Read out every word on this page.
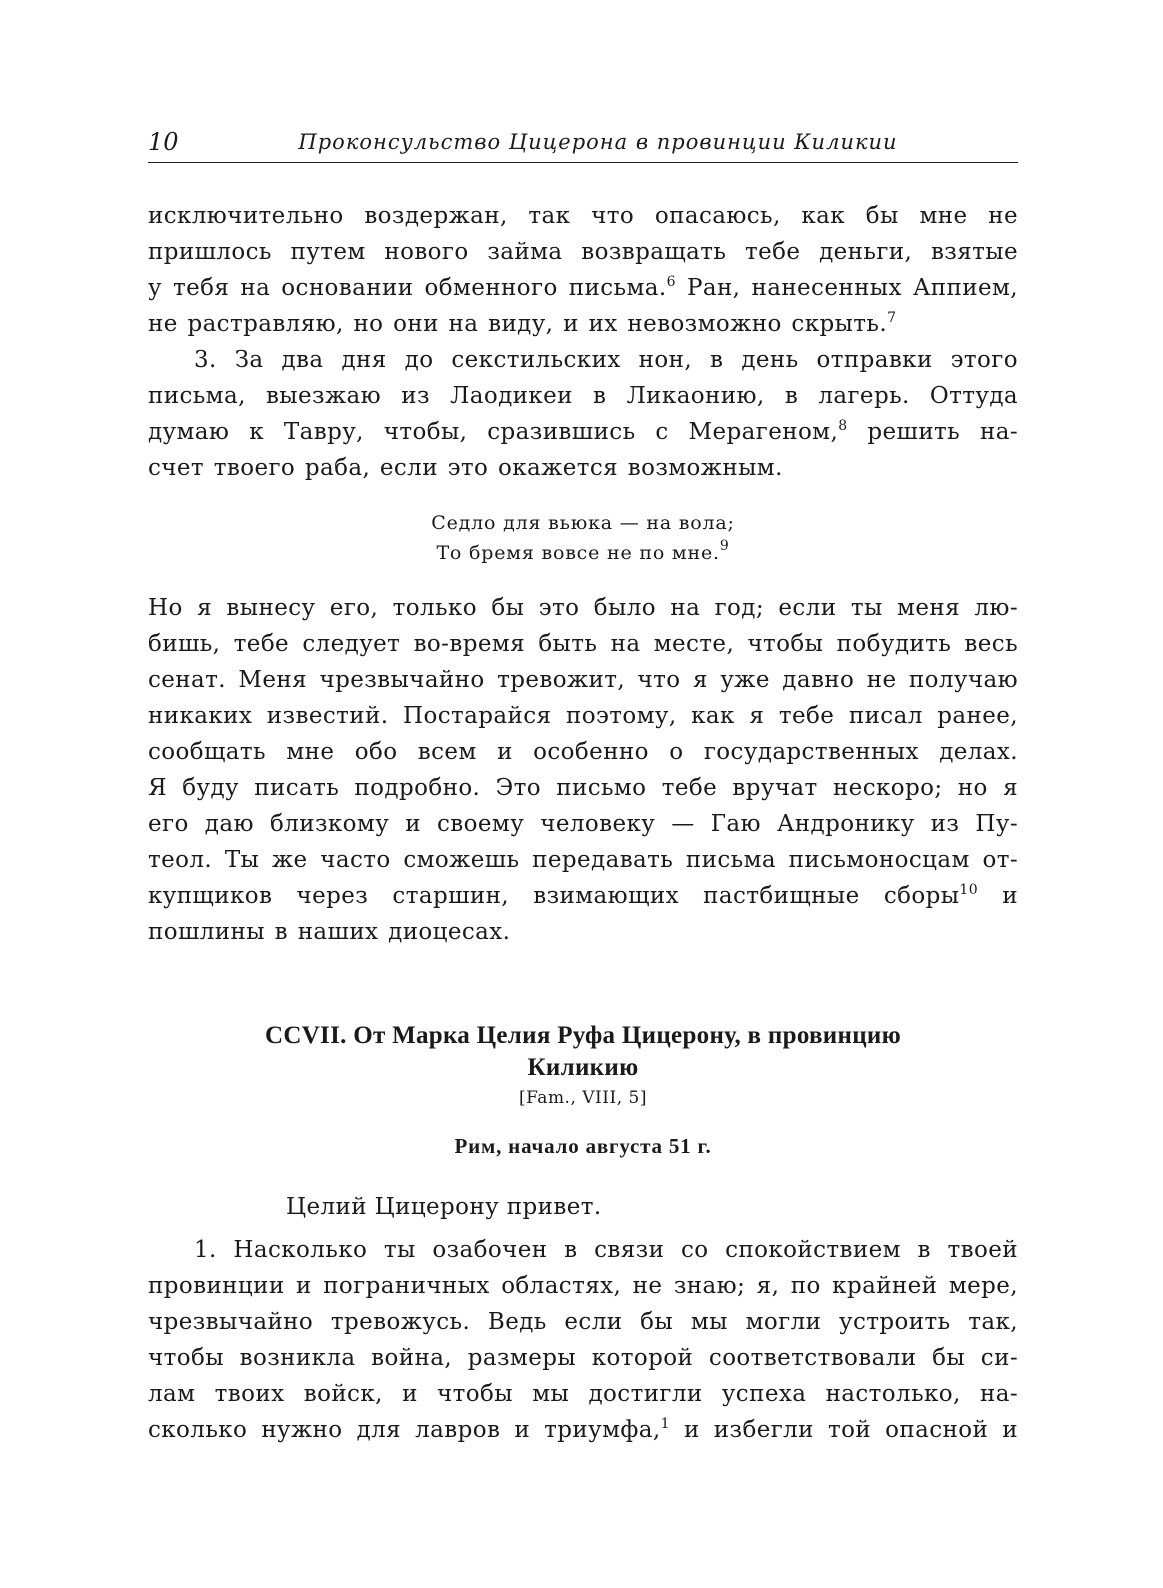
10	Проконсульство Цицерона в провинции Киликии
исключительно воздержан, так что опасаюсь, как бы мне не
пришлось путем нового займа возвращать тебе деньги, взятые
у тебя на основании обменного письма.$^6$ Ран, нанесенных Аппием,
не растравляю, но они на виду, и их невозможно скрыть.$^7$
3. За два дня до секстильских нон, в день отправки этого
письма, выезжаю из Лаодикеи в Ликаонию, в лагерь. Оттуда
думаю к Тавру, чтобы, сразившись с Мерагеном,$^8$ решить на-
счет твоего раба, если это окажется возможным.
Седло для вьюка — на вола;
То бремя вовсе не по мне.$^9$
Но я вынесу его, только бы это было на год; если ты меня лю-
бишь, тебе следует во-время быть на месте, чтобы побудить весь
сенат. Меня чрезвычайно тревожит, что я уже давно не получаю
никаких известий. Постарайся поэтому, как я тебе писал ранее,
сообщать мне обо всем и особенно о государственных делах.
Я буду писать подробно. Это письмо тебе вручат нескоро; но я
его даю близкому и своему человеку — Гаю Андронику из Пу-
теол. Ты же часто сможешь передавать письма письмоносцам от-
купщиков через старшин, взимающих пастбищные сборы$^{10}$ и
пошлины в наших диоцесах.
CCVII. От Марка Целия Руфа Цицерону, в провинцию
Киликию
[Fam., VIII, 5]
Рим, начало августа 51 г.
Целий Цицерону привет.
1. Насколько ты озабочен в связи со спокойствием в твоей
провинции и пограничных областях, не знаю; я, по крайней мере,
чрезвычайно тревожусь. Ведь если бы мы могли устроить так,
чтобы возникла война, размеры которой соответствовали бы си-
лам твоих войск, и чтобы мы достигли успеха настолько, на-
сколько нужно для лавров и триумфа,$^1$ и избегли той опасной и
